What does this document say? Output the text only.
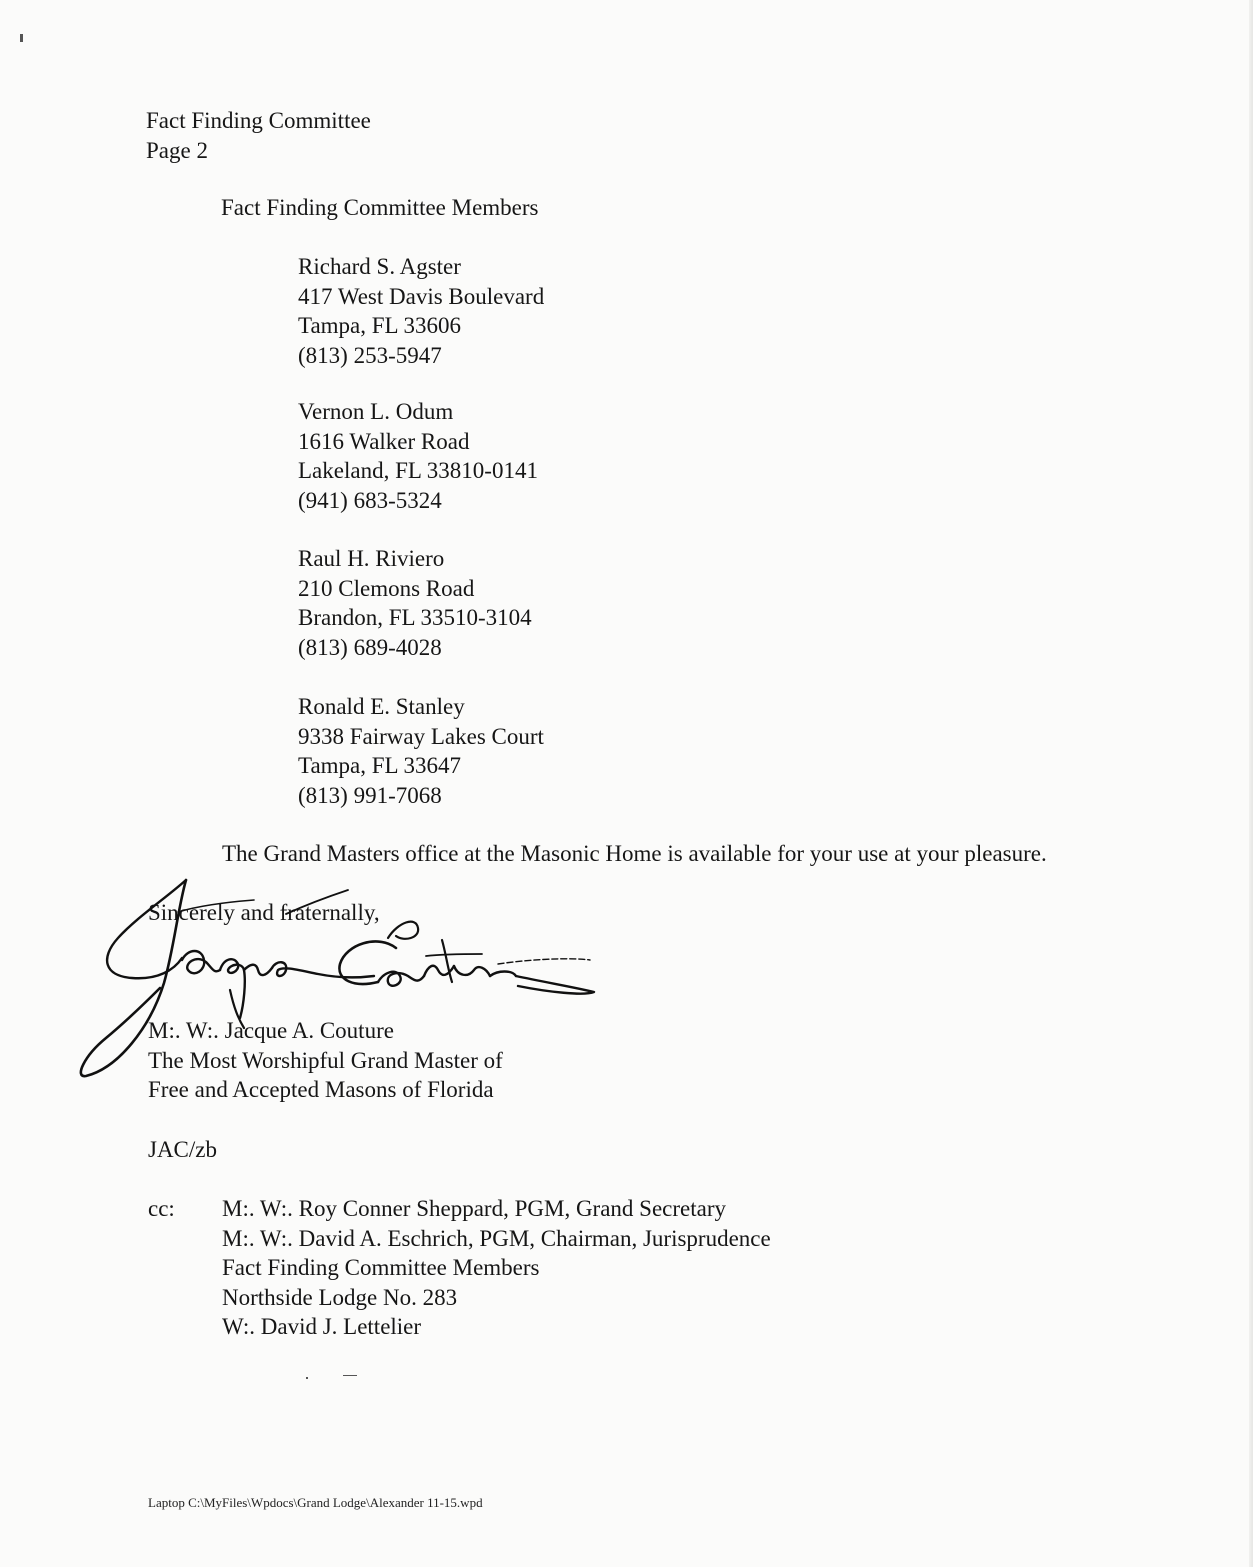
Fact Finding Committee
Page 2

Fact Finding Committee Members

Richard S. Agster
417 West Davis Boulevard
Tampa, FL 33606
(813) 253-5947
Vernon L. Odum
1616 Walker Road
Lakeland, FL 33810-0141
(941) 683-5324
Raul H. Riviero
210 Clemons Road
Brandon, FL 33510-3104
(813) 689-4028
Ronald E. Stanley
9338 Fairway Lakes Court
Tampa, FL 33647
(813) 991-7068

The Grand Masters office at the Masonic Home is available for your use at your pleasure.

Sincerely and fraternally,

M:. W:. Jacque A. Couture
The Most Worshipful Grand Master of
Free and Accepted Masons of Florida

JAC/zb

cc: M:. W:. Roy Conner Sheppard, PGM, Grand Secretary
M:. W:. David A. Eschrich, PGM, Chairman, Jurisprudence
Fact Finding Committee Members
Northside Lodge No. 283
W:. David J. Lettelier
Laptop C:\MyFiles\Wpdocs\Grand Lodge\Alexander 11-15.wpd
